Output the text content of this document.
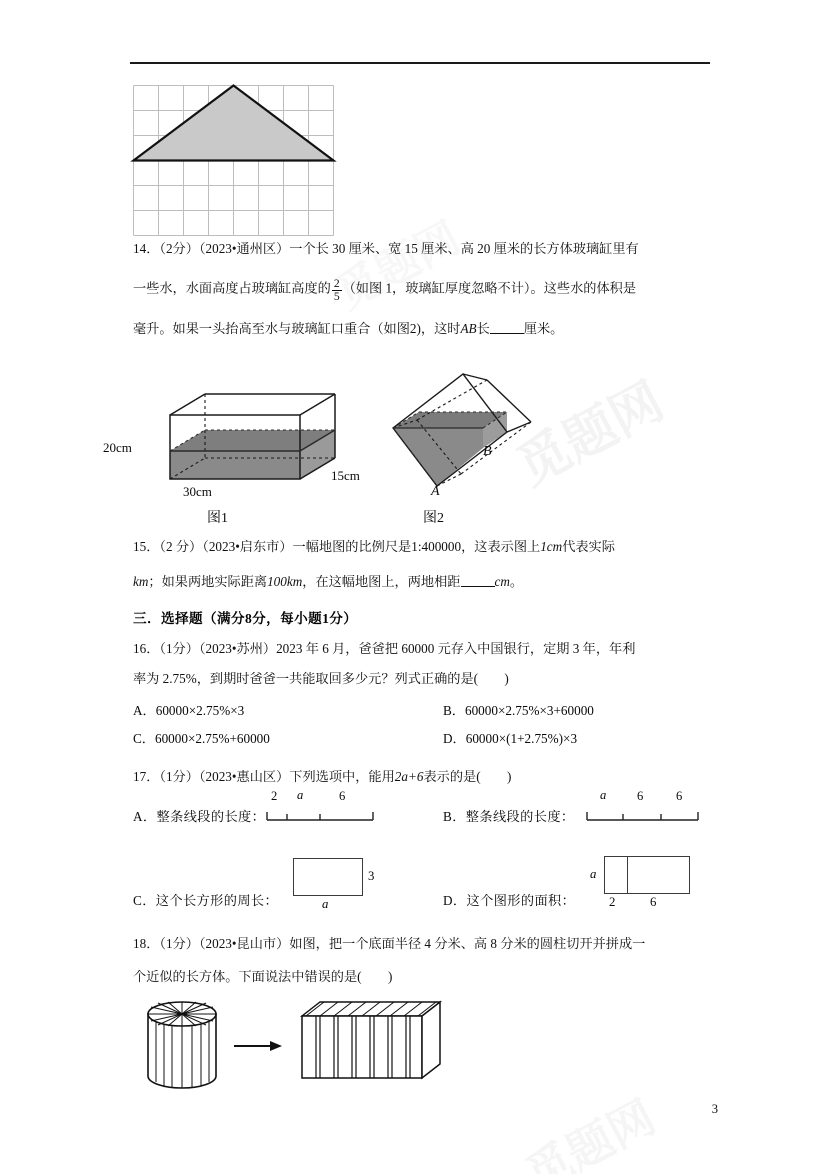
14．（2分）（2023•通州区）一个长 30 厘米、宽 15 厘米、高 20 厘米的长方体玻璃缸里有
一些水，水面高度占玻璃缸高度的 $\frac{2}{5}$ （如图 1，玻璃缸厚度忽略不计）。这些水的体积是
毫升。如果一头抬高至水与玻璃缸口重合（如图2)，这时AB长	厘米。
20cm
30cm
15cm
图1
B
A
图2
15．（2 分）（2023•启东市）一幅地图的比例尺是1:400000，这表示图上1cm代表实际
km；如果两地实际距离100km，在这幅地图上，两地相距	cm。
三．选择题（满分8分，每小题1分）
16．（1分）（2023•苏州）2023 年 6 月，爸爸把 60000 元存入中国银行，定期 3 年，年利
率为 2.75%，到期时爸爸一共能取回多少元？列式正确的是(　　)
A．60000×2.75%×3	B．60000×2.75%×3+60000
C．60000×2.75%+60000	D．60000×(1+2.75%)×3
17．（1分）（2023•惠山区）下列选项中，能用2a+6表示的是(　　)
A．整条线段的长度：
2 a	6
B．整条线段的长度：
a 6	6
C．这个长方形的周长：
3
a	D．这个图形的面积：
a
2	6
18．（1分）（2023•昆山市）如图，把一个底面半径 4 分米、高 8 分米的圆柱切开并拼成一
个近似的长方体。下面说法中错误的是(　　)
3
